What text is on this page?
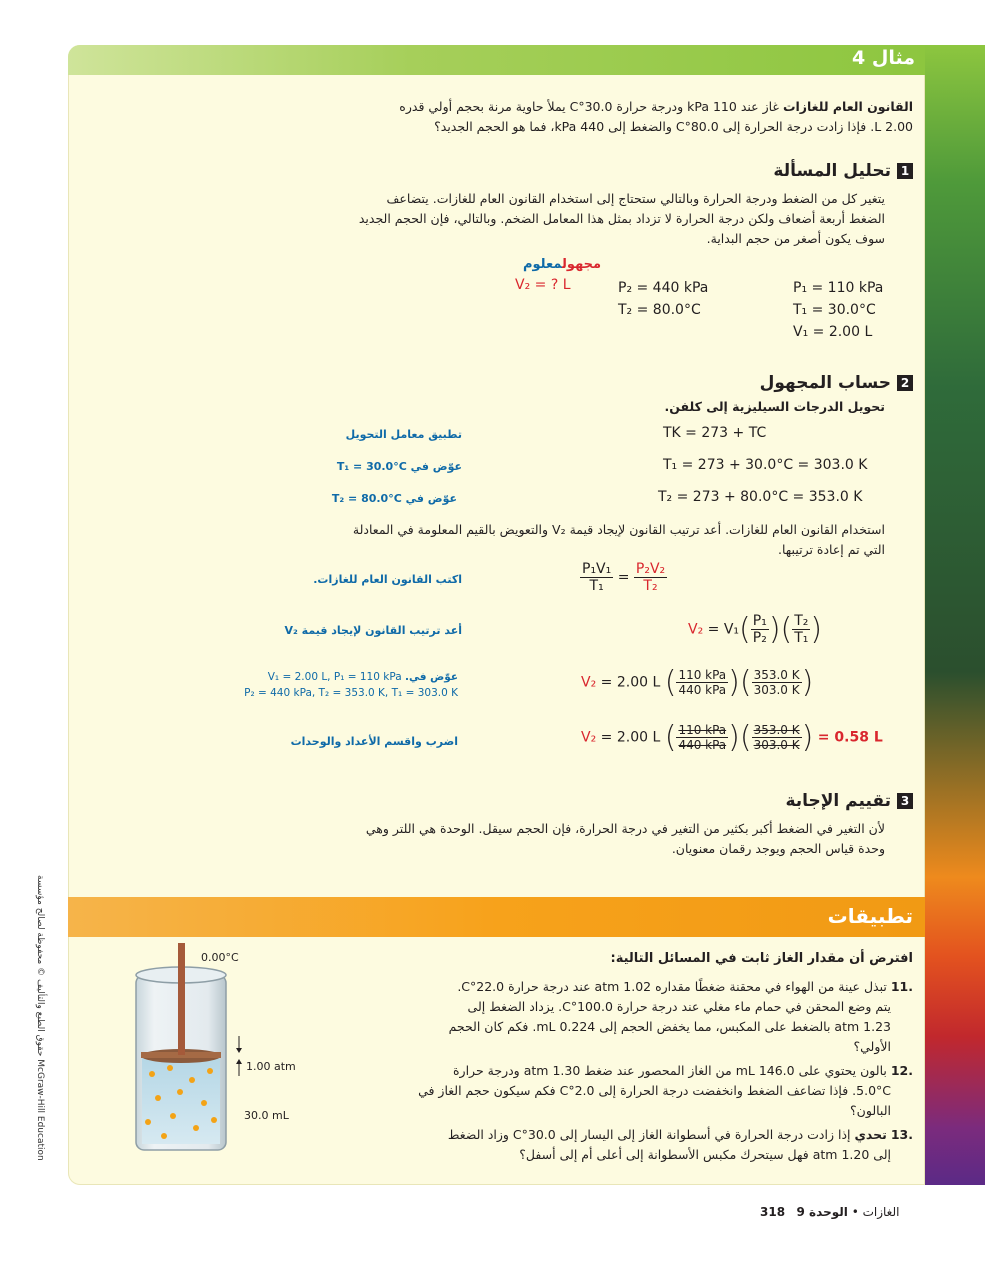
مثال 4
القانون العام للغازات غاز عند 110 kPa ودرجة حرارة 30.0°C يملأ حاوية مرنة بحجم أولي قدره
2.00 L. فإذا زادت درجة الحرارة إلى 80.0°C والضغط إلى 440 kPa، فما هو الحجم الجديد؟
1تحليل المسألة
يتغير كل من الضغط ودرجة الحرارة وبالتالي ستحتاج إلى استخدام القانون العام للغازات. يتضاعف
الضغط أربعة أضعاف ولكن درجة الحرارة لا تزداد بمثل هذا المعامل الضخم. وبالتالي، فإن الحجم الجديد
سوف يكون أصغر من حجم البداية.
مجهولمعلوم
P₁ = 110 kPa
T₁ = 30.0°C
V₁ = 2.00 L
P₂ = 440 kPa
T₂ = 80.0°C
V₂ = ? L
2حساب المجهول
تحويل الدرجات السيليزية إلى كلفن.
TK = 273 + TC
تطبيق معامل التحويل
T₁ = 273 + 30.0°C = 303.0 K
عوّض في T₁ = 30.0°C
T₂ = 273 + 80.0°C = 353.0 K
عوّض في T₂ = 80.0°C
استخدام القانون العام للغازات. أعد ترتيب القانون لإيجاد قيمة V₂ والتعويض بالقيم المعلومة في المعادلة
التي تم إعادة ترتيبها.
$\frac{\text{P₁V₁}}{\text{T₁}} = \frac{\text{P₂V₂}}{\text{T₂}}$
اكتب القانون العام للغازات.
$V_2 = V_1( \frac{\text{P₁}}{\text{P₂}}$ )( $\frac{\text{T₂}}{\text{T₁}}$ )
أعد ترتيب القانون لإيجاد قيمة V₂
V₂ = 2.00 L ( $\frac{\text{110 kPa}}{\text{440 kPa}}$ )( $\frac{353.0 K}{303.0 K}$ )
عوّض في. V₁ = 2.00 L, P₁ = 110 kPa
P₂ = 440 kPa, T₂ = 353.0 K, T₁ = 303.0 K
V₂ = 2.00 L ( $\frac{\text{110 kPa}}{\text{440 kPa}}$ )( $\frac{353.0 K}{303.0 K}$ ) = 0.58 L
اضرب واقسم الأعداد والوحدات
3تقييم الإجابة
لأن التغير في الضغط أكبر بكثير من التغير في درجة الحرارة، فإن الحجم سيقل. الوحدة هي اللتر وهي
وحدة قياس الحجم ويوجد رقمان معنويان.
تطبيقات
افترض أن مقدار الغاز ثابت في المسائل التالية:
.11 تبذل عينة من الهواء في محقنة ضغطًا مقداره 1.02 atm عند درجة حرارة 22.0°C.
يتم وضع المحقن في حمام ماء مغلي عند درجة حرارة 100.0°C. يزداد الضغط إلى
1.23 atm بالضغط على المكبس، مما يخفض الحجم إلى 0.224 mL. فكم كان الحجم
الأولي؟
.12 بالون يحتوي على 146.0 mL من الغاز المحصور عند ضغط 1.30 atm ودرجة حرارة
5.0°C. فإذا تضاعف الضغط وانخفضت درجة الحرارة إلى 2.0°C فكم سيكون حجم الغاز في
البالون؟
.13 تحدي إذا زادت درجة الحرارة في أسطوانة الغاز إلى اليسار إلى 30.0°C وزاد الضغط
إلى 1.20 atm فهل سيتحرك مكبس الأسطوانة إلى أعلى أم إلى أسفل؟
0.00°C
1.00 atm
30.0 mL
الغازات • الوحدة 9   318
حقوق الطبع والتأليف © محفوظة لصالح مؤسسة McGraw-Hill Education
